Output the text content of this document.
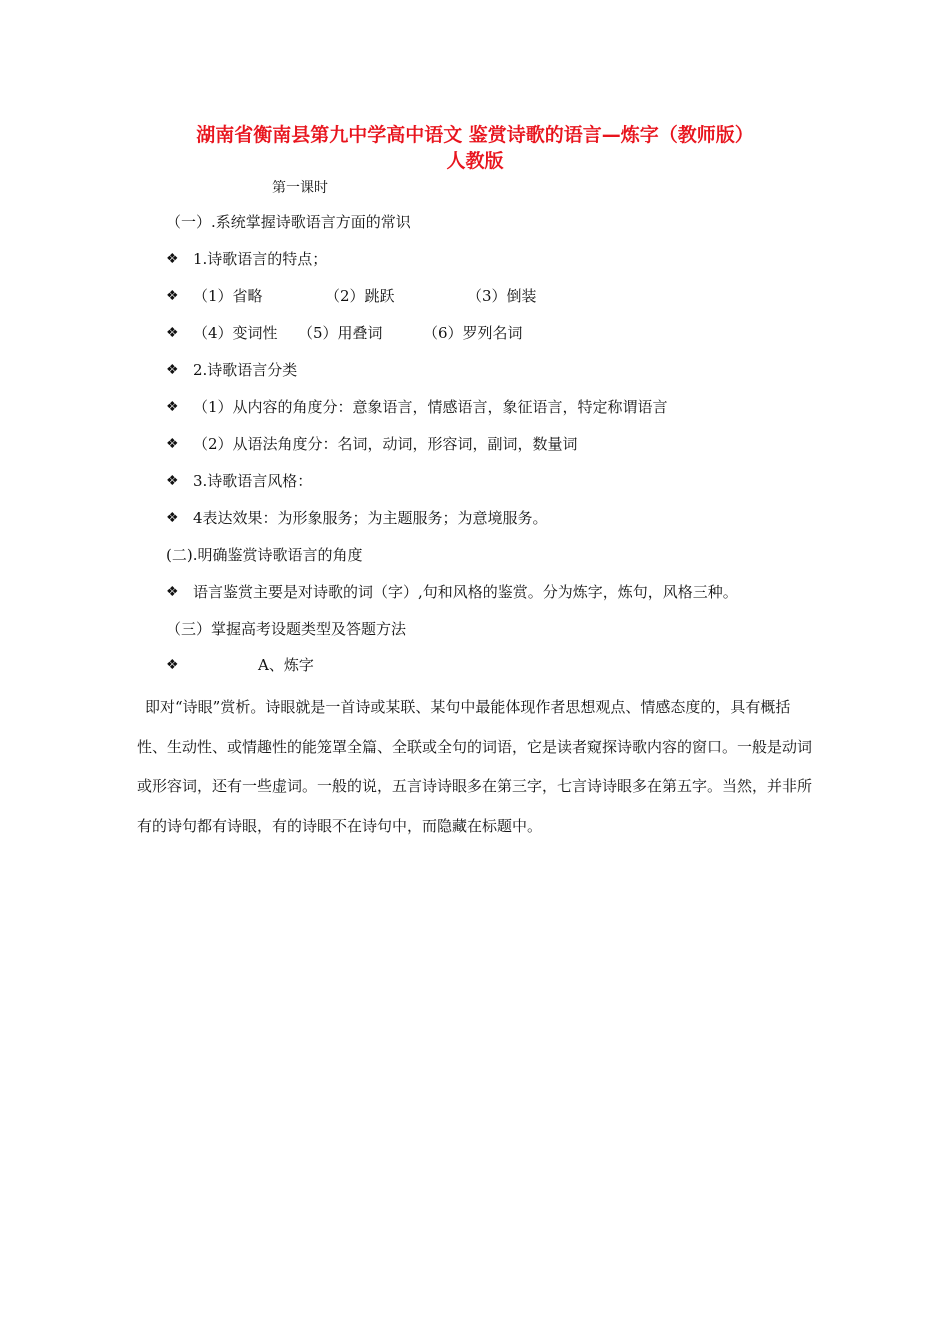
湖南省衡南县第九中学高中语文 鉴赏诗歌的语言—炼字（教师版）
人教版
第一课时
（一）.系统掌握诗歌语言方面的常识
❖ 1.诗歌语言的特点；
❖ （1）省略	（2）跳跃	（3）倒装
❖ （4）变词性 （5）用叠词	（6）罗列名词
❖ 2.诗歌语言分类
❖ （1）从内容的角度分：意象语言，情感语言，象征语言，特定称谓语言
❖ （2）从语法角度分：名词，动词，形容词，副词，数量词
❖ 3.诗歌语言风格：
❖ 4表达效果：为形象服务；为主题服务；为意境服务。
(二).明确鉴赏诗歌语言的角度
❖ 语言鉴赏主要是对诗歌的词（字）,句和风格的鉴赏。分为炼字，炼句，风格三种。
（三）掌握高考设题类型及答题方法
❖	A、炼字
即对“诗眼”赏析。诗眼就是一首诗或某联、某句中最能体现作者思想观点、情感态度的，具有概括性、生动性、或情趣性的能笼罩全篇、全联或全句的词语，它是读者窥探诗歌内容的窗口。一般是动词或形容词，还有一些虚词。一般的说，五言诗诗眼多在第三字，七言诗诗眼多在第五字。当然，并非所有的诗句都有诗眼，有的诗眼不在诗句中，而隐藏在标题中。
